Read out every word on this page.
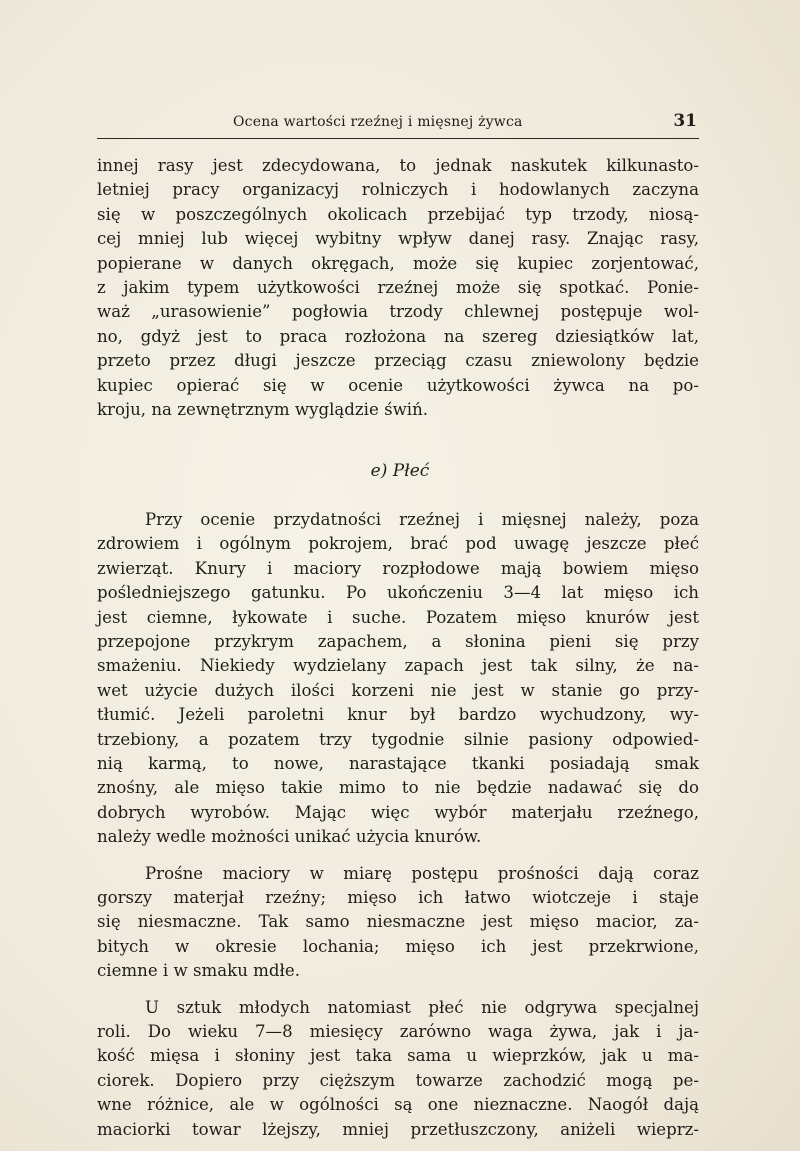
Ocena wartości rzeźnej i mięsnej żywca	31

innej rasy jest zdecydowana, to jednak naskutek kilkunasto-
letniej pracy organizacyj rolniczych i hodowlanych zaczyna
się w poszczególnych okolicach przebijać typ trzody, niosą-
cej mniej lub więcej wybitny wpływ danej rasy. Znając rasy,
popierane w danych okręgach, może się kupiec zorjentować,
z jakim typem użytkowości rzeźnej może się spotkać. Ponie-
waż „urasowienie” pogłowia trzody chlewnej postępuje wol-
no, gdyż jest to praca rozłożona na szereg dziesiątków lat,
przeto przez długi jeszcze przeciąg czasu zniewolony będzie
kupiec opierać się w ocenie użytkowości żywca na po-
kroju, na zewnętrznym wyglądzie świń.

e) Płeć

Przy ocenie przydatności rzeźnej i mięsnej należy, poza
zdrowiem i ogólnym pokrojem, brać pod uwagę jeszcze płeć
zwierząt. Knury i maciory rozpłodowe mają bowiem mięso
pośledniejszego gatunku. Po ukończeniu 3—4 lat mięso ich
jest ciemne, łykowate i suche. Pozatem mięso knurów jest
przepojone przykrym zapachem, a słonina pieni się przy
smażeniu. Niekiedy wydzielany zapach jest tak silny, że na-
wet użycie dużych ilości korzeni nie jest w stanie go przy-
tłumić. Jeżeli paroletni knur był bardzo wychudzony, wy-
trzebiony, a pozatem trzy tygodnie silnie pasiony odpowied-
nią karmą, to nowe, narastające tkanki posiadają smak
znośny, ale mięso takie mimo to nie będzie nadawać się do
dobrych wyrobów. Mając więc wybór materjału rzeźnego,
należy wedle możności unikać użycia knurów.

Prośne maciory w miarę postępu prośności dają coraz
gorszy materjał rzeźny; mięso ich łatwo wiotczeje i staje
się niesmaczne. Tak samo niesmaczne jest mięso macior, za-
bitych w okresie lochania; mięso ich jest przekrwione,
ciemne i w smaku mdłe.

U sztuk młodych natomiast płeć nie odgrywa specjalnej
roli. Do wieku 7—8 miesięcy zarówno waga żywa, jak i ja-
kość mięsa i słoniny jest taka sama u wieprzków, jak u ma-
ciorek. Dopiero przy cięższym towarze zachodzić mogą pe-
wne różnice, ale w ogólności są one nieznaczne. Naogół dają
maciorki towar lżejszy, mniej przetłuszczony, aniżeli wieprz-
